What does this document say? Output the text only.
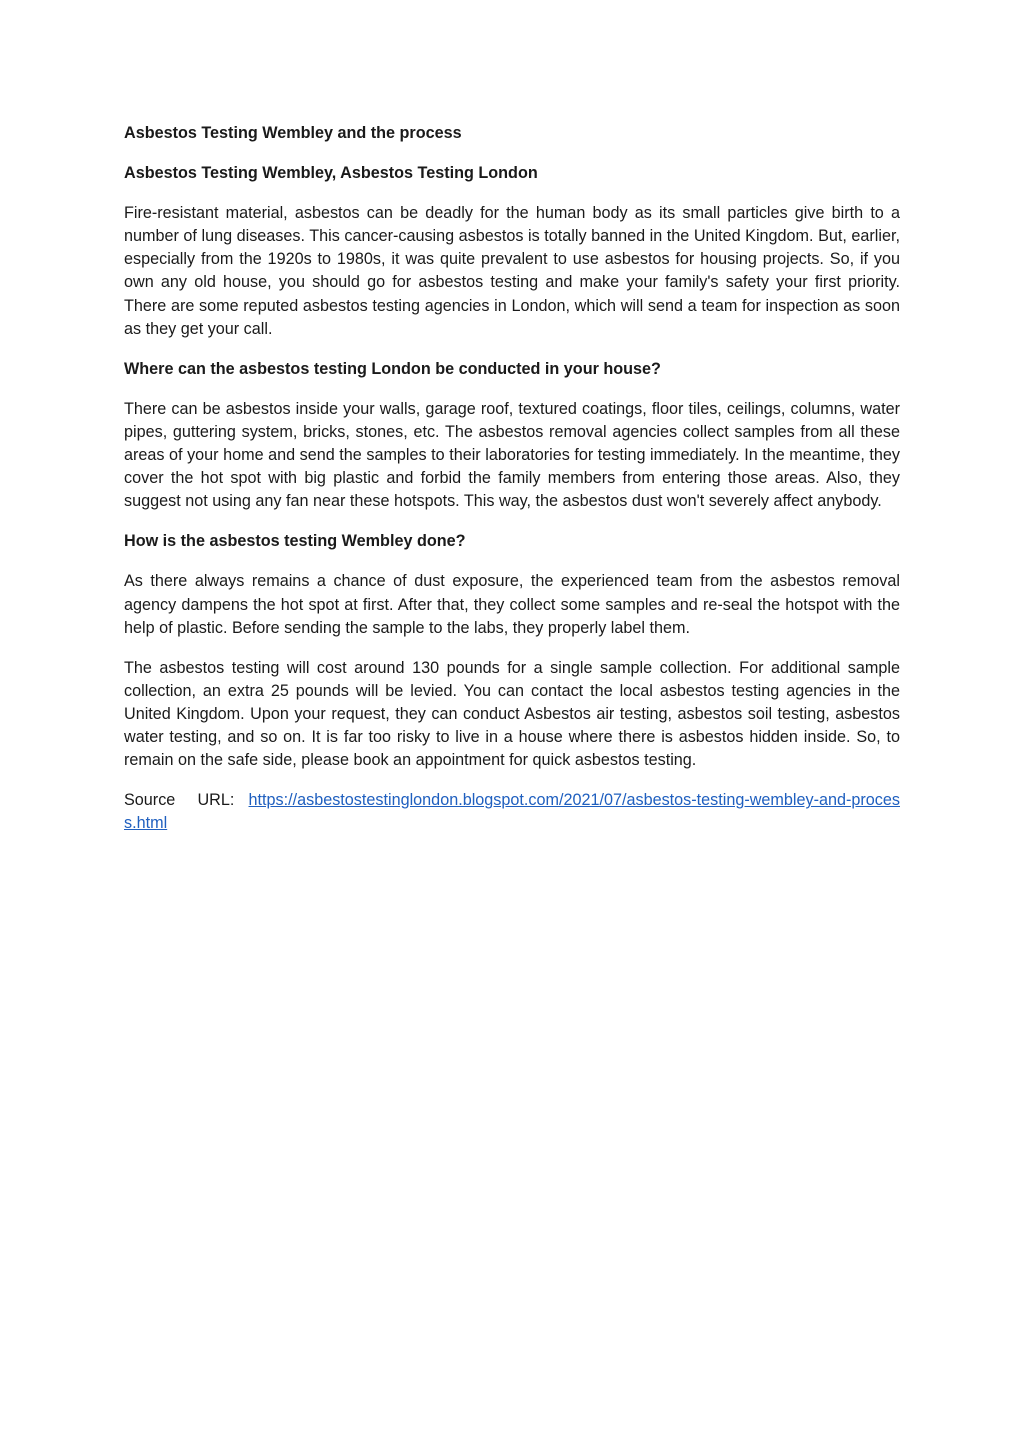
Asbestos Testing Wembley and the process

Asbestos Testing Wembley, Asbestos Testing London

Fire-resistant material, asbestos can be deadly for the human body as its small particles give birth to a number of lung diseases. This cancer-causing asbestos is totally banned in the United Kingdom. But, earlier, especially from the 1920s to 1980s, it was quite prevalent to use asbestos for housing projects. So, if you own any old house, you should go for asbestos testing and make your family's safety your first priority. There are some reputed asbestos testing agencies in London, which will send a team for inspection as soon as they get your call.

Where can the asbestos testing London be conducted in your house?

There can be asbestos inside your walls, garage roof, textured coatings, floor tiles, ceilings, columns, water pipes, guttering system, bricks, stones, etc. The asbestos removal agencies collect samples from all these areas of your home and send the samples to their laboratories for testing immediately. In the meantime, they cover the hot spot with big plastic and forbid the family members from entering those areas. Also, they suggest not using any fan near these hotspots. This way, the asbestos dust won't severely affect anybody.

How is the asbestos testing Wembley done?

As there always remains a chance of dust exposure, the experienced team from the asbestos removal agency dampens the hot spot at first. After that, they collect some samples and re-seal the hotspot with the help of plastic. Before sending the sample to the labs, they properly label them.

The asbestos testing will cost around 130 pounds for a single sample collection. For additional sample collection, an extra 25 pounds will be levied. You can contact the local asbestos testing agencies in the United Kingdom. Upon your request, they can conduct Asbestos air testing, asbestos soil testing, asbestos water testing, and so on. It is far too risky to live in a house where there is asbestos hidden inside. So, to remain on the safe side, please book an appointment for quick asbestos testing.

Source URL: https://asbestostestinglondon.blogspot.com/2021/07/asbestos-testing-wembley-and-process.html
